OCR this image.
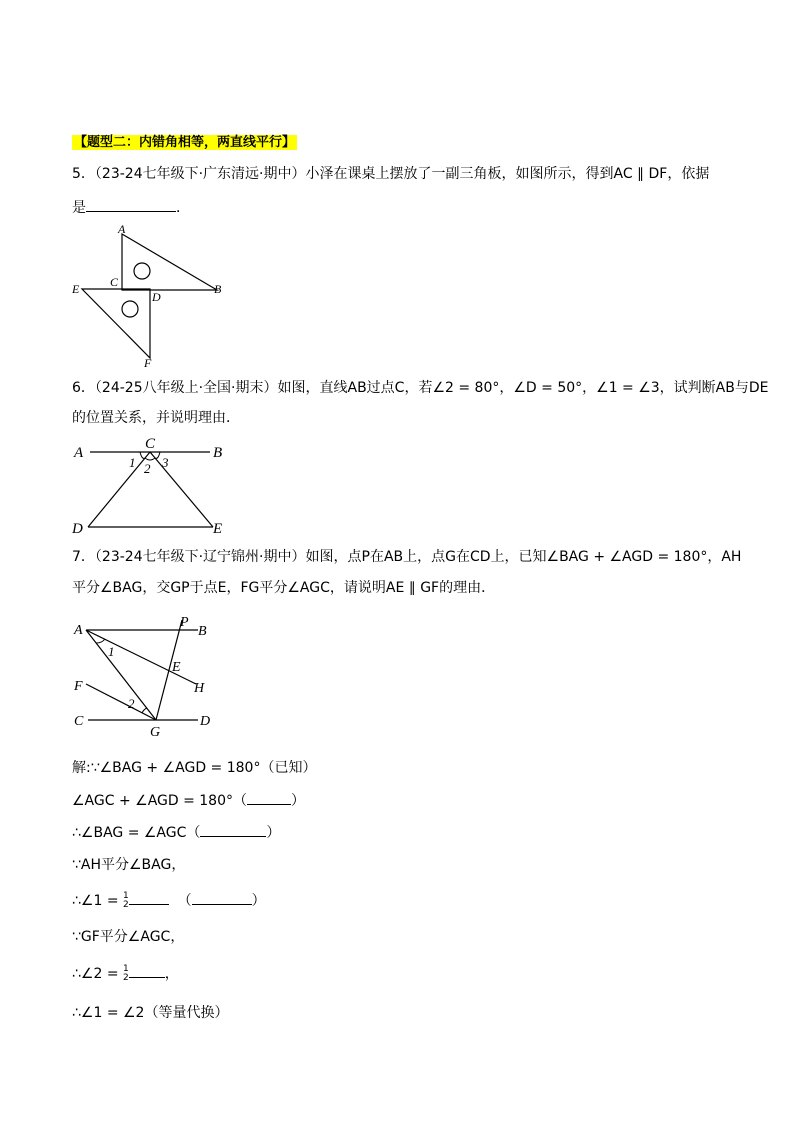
【题型二：内错角相等，两直线平行】
5．（23-24七年级下·广东清远·期中）小泽在课桌上摆放了一副三角板，如图所示，得到AC ∥ DF，依据
是	．
A
B
C
D
E
F
6．（24-25八年级上·全国·期末）如图，直线AB过点C，若∠2 = 80°，∠D = 50°，∠1 = ∠3，试判断AB与DE
的位置关系，并说明理由．
A	B
C
D	E
1 2 3
7．（23-24七年级下·辽宁锦州·期中）如图，点P在AB上，点G在CD上，已知∠BAG + ∠AGD = 180°，AH
平分∠BAG，交GP于点E，FG平分∠AGC，请说明AE ∥ GF的理由．
A	B
P
E
H
F
C	D
G
1
2
解:∵∠BAG + ∠AGD = 180°（已知）
∠AGC + ∠AGD = 180°（	）
∴∠BAG = ∠AGC（	）
∵AH平分∠BAG，
∴∠1 = 1
2	（	）
∵GF平分∠AGC，
∴∠2 = 1
2	，
∴∠1 = ∠2（等量代换）
